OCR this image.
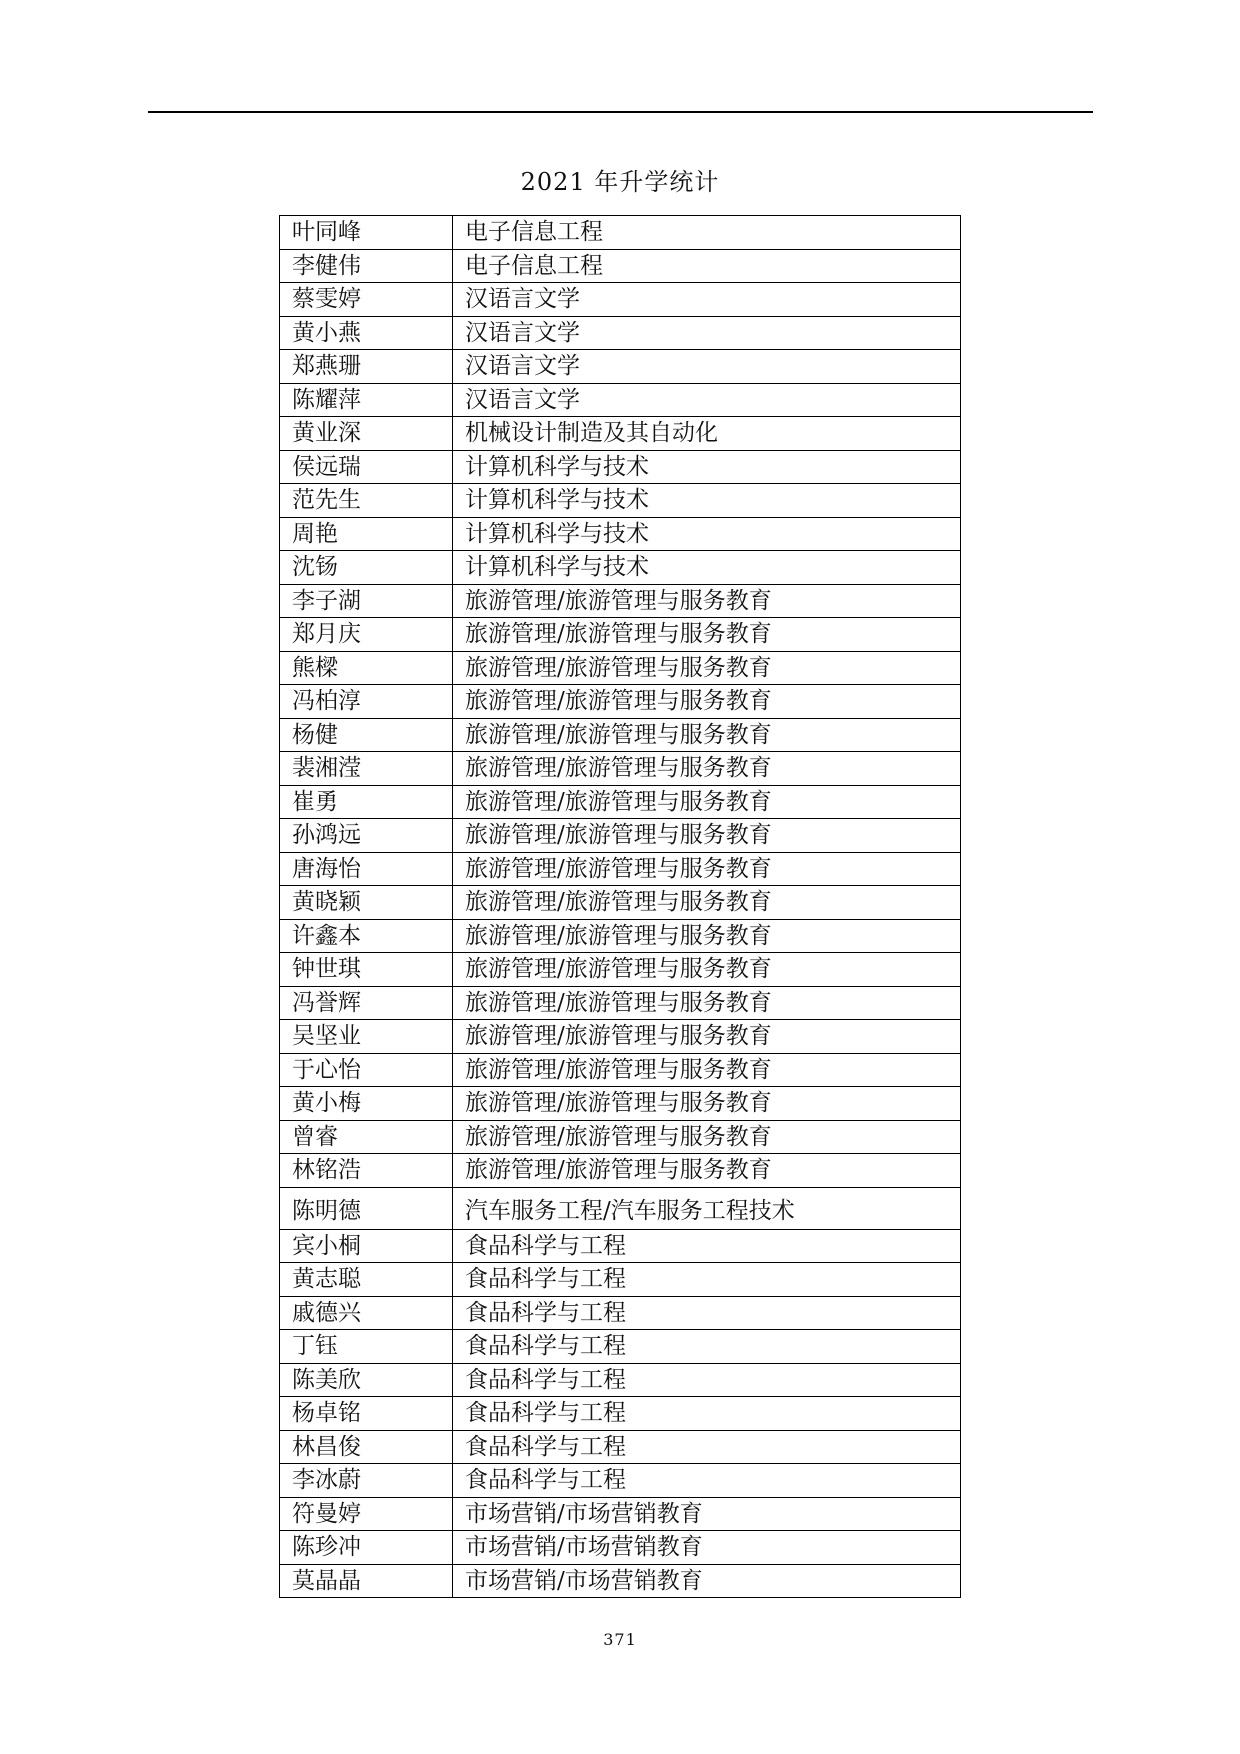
2021 年升学统计
叶同峰	电子信息工程
李健伟	电子信息工程
蔡雯婷	汉语言文学
黄小燕	汉语言文学
郑燕珊	汉语言文学
陈耀萍	汉语言文学
黄业深	机械设计制造及其自动化
侯远瑞	计算机科学与技术
范先生	计算机科学与技术
周艳	计算机科学与技术
沈钖	计算机科学与技术
李子湖	旅游管理/旅游管理与服务教育
郑月庆	旅游管理/旅游管理与服务教育
熊樑	旅游管理/旅游管理与服务教育
冯柏淳	旅游管理/旅游管理与服务教育
杨健	旅游管理/旅游管理与服务教育
裴湘滢	旅游管理/旅游管理与服务教育
崔勇	旅游管理/旅游管理与服务教育
孙鸿远	旅游管理/旅游管理与服务教育
唐海怡	旅游管理/旅游管理与服务教育
黄晓颖	旅游管理/旅游管理与服务教育
许鑫本	旅游管理/旅游管理与服务教育
钟世琪	旅游管理/旅游管理与服务教育
冯誉辉	旅游管理/旅游管理与服务教育
吴坚业	旅游管理/旅游管理与服务教育
于心怡	旅游管理/旅游管理与服务教育
黄小梅	旅游管理/旅游管理与服务教育
曾睿	旅游管理/旅游管理与服务教育
林铭浩	旅游管理/旅游管理与服务教育
陈明德	汽车服务工程/汽车服务工程技术
宾小桐	食品科学与工程
黄志聪	食品科学与工程
戚德兴	食品科学与工程
丁钰	食品科学与工程
陈美欣	食品科学与工程
杨卓铭	食品科学与工程
林昌俊	食品科学与工程
李冰蔚	食品科学与工程
符曼婷	市场营销/市场营销教育
陈珍冲	市场营销/市场营销教育
莫晶晶	市场营销/市场营销教育
371
